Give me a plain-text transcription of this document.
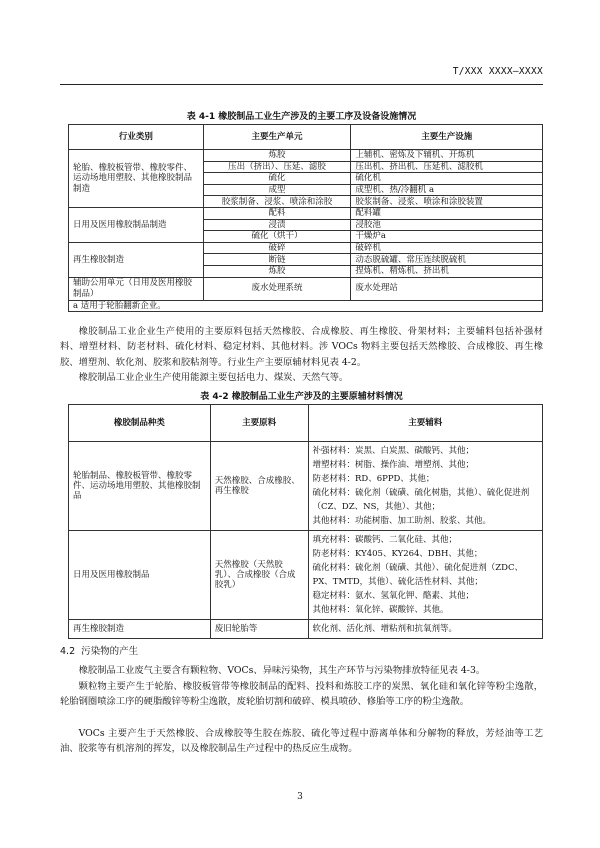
T/XXX XXXX—XXXX
表 4-1 橡胶制品工业生产涉及的主要工序及设备设施情况
行业类别	主要生产单元	主要生产设施
轮胎、橡胶板管带、橡胶零件、运动场地用塑胶、其他橡胶制品制造	炼胶	上辅机、密炼及下辅机、开炼机
	压出（挤出）、压延、滤胶	压出机、挤出机、压延机、滤胶机
	硫化	硫化机
	成型	成型机、热/冷翻机 a
	胶浆制备、浸浆、喷涂和涂胶	胶浆制备、浸浆、喷涂和涂胶装置
日用及医用橡胶制品制造	配料	配料罐
	浸渍	浸胶池
	硫化（烘干）	干燥炉a
再生橡胶制造	破碎	破碎机
	断链	动态脱硫罐、常压连续脱硫机
	炼胶	捏炼机、精炼机、挤出机
辅助公用单元（日用及医用橡胶制品）	废水处理系统	废水处理站
a 适用于轮胎翻新企业。		
橡胶制品工业企业生产使用的主要原料包括天然橡胶、合成橡胶、再生橡胶、骨架材料；主要辅料包括补强材料、增塑材料、防老材料、硫化材料、稳定材料、其他材料。涉 VOCs 物料主要包括天然橡胶、合成橡胶、再生橡胶、增塑剂、软化剂、胶浆和胶粘剂等。行业生产主要原辅材料见表 4-2。
橡胶制品工业企业生产使用能源主要包括电力、煤炭、天然气等。
表 4-2 橡胶制品工业生产涉及的主要原辅材料情况
橡胶制品种类	主要原料	主要辅料
轮胎制品、橡胶板管带、橡胶零件、运动场地用塑胶、其他橡胶制品	天然橡胶、合成橡胶、再生橡胶	补强材料：炭黑、白炭黑、碳酸钙、其他；
增塑材料：树脂、操作油、增塑剂、其他；
防老材料：RD、6PPD、其他；
硫化材料：硫化剂（硫磺、硫化树脂，其他）、硫化促进剂（CZ、DZ、NS，其他）、其他；
其他材料：功能树脂、加工助剂、胶浆、其他。

日用及医用橡胶制品	天然橡胶（天然胶乳）、合成橡胶（合成胶乳）	填充材料：碳酸钙、二氧化硅、其他；
防老材料：KY405、KY264、DBH、其他；
硫化材料：硫化剂（硫磺、其他）、硫化促进剂（ZDC、PX、TMTD，其他）、硫化活性材料、其他；
稳定材料：氨水、氢氧化钾、酪素、其他；
其他材料：氧化锌、碳酸锌、其他。

再生橡胶制造	废旧轮胎等	软化剂、活化剂、增粘剂和抗氧剂等。
4.2 污染物的产生
橡胶制品工业废气主要含有颗粒物、VOCs、异味污染物，其生产环节与污染物排放特征见表 4-3。
颗粒物主要产生于轮胎、橡胶板管带等橡胶制品的配料、投料和炼胶工序的炭黑、氧化硅和氧化锌等粉尘逸散，轮胎钢圈喷涂工序的硬脂酸锌等粉尘逸散，废轮胎切割和破碎、模具喷砂、修胎等工序的粉尘逸散。
VOCs 主要产生于天然橡胶、合成橡胶等生胶在炼胶、硫化等过程中游离单体和分解物的释放，芳烃油等工艺油、胶浆等有机溶剂的挥发，以及橡胶制品生产过程中的热反应生成物。
3
